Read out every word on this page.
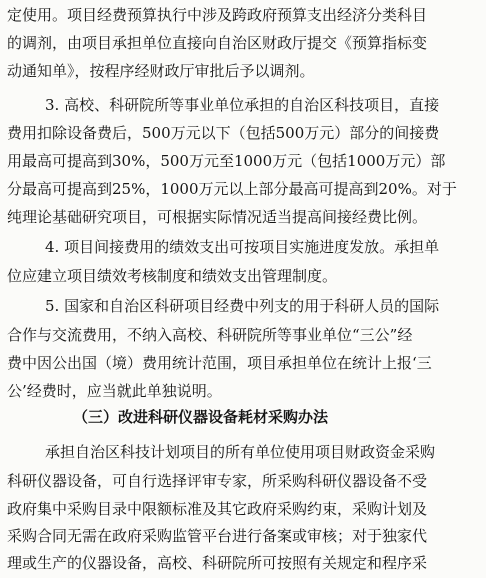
定使用。项目经费预算执行中涉及跨政府预算支出经济分类科目
的调剂，由项目承担单位直接向自治区财政厅提交《预算指标变
动通知单》，按程序经财政厅审批后予以调剂。
3. 高校、科研院所等事业单位承担的自治区科技项目，直接
费用扣除设备费后，500万元以下（包括500万元）部分的间接费
用最高可提高到30%，500万元至1000万元（包括1000万元）部
分最高可提高到25%，1000万元以上部分最高可提高到20%。对于
纯理论基础研究项目，可根据实际情况适当提高间接经费比例。
4. 项目间接费用的绩效支出可按项目实施进度发放。承担单
位应建立项目绩效考核制度和绩效支出管理制度。
5. 国家和自治区科研项目经费中列支的用于科研人员的国际
合作与交流费用，不纳入高校、科研院所等事业单位“三公”经
费中因公出国（境）费用统计范围，项目承担单位在统计上报‘三
公’经费时，应当就此单独说明。
（三）改进科研仪器设备耗材采购办法
承担自治区科技计划项目的所有单位使用项目财政资金采购
科研仪器设备，可自行选择评审专家，所采购科研仪器设备不受
政府集中采购目录中限额标准及其它政府采购约束，采购计划及
采购合同无需在政府采购监管平台进行备案或审核；对于独家代
理或生产的仪器设备，高校、科研院所可按照有关规定和程序采
